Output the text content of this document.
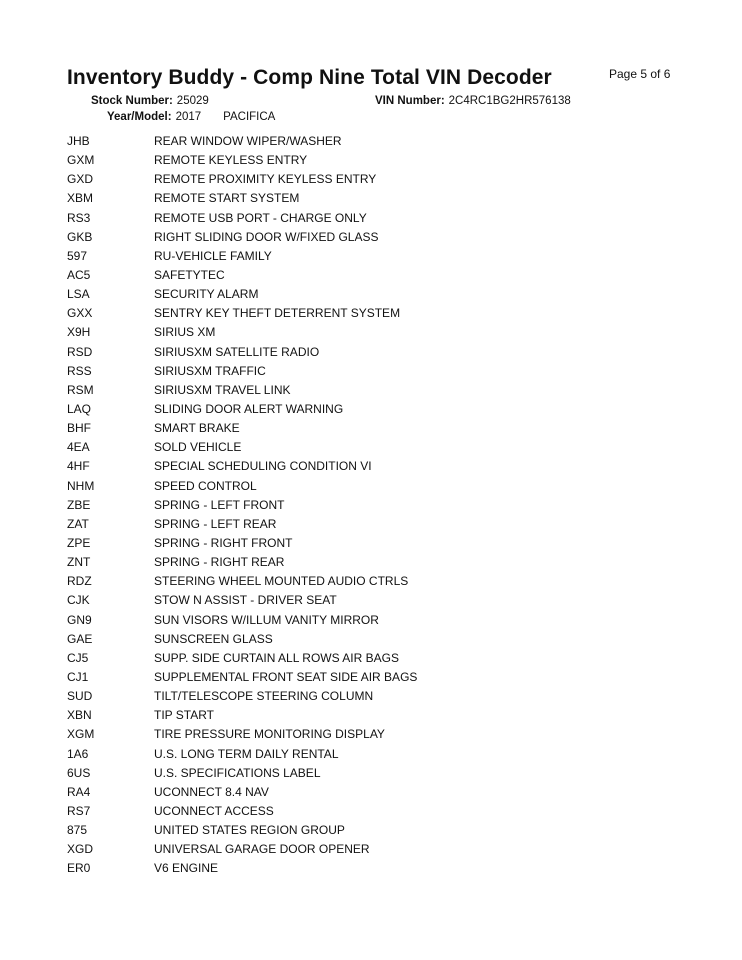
Inventory Buddy - Comp Nine Total VIN Decoder	Page 5 of 6
Stock Number: 25029	VIN Number: 2C4RC1BG2HR576138
Year/Model: 2017 PACIFICA
JHB	REAR WINDOW WIPER/WASHER
GXM	REMOTE KEYLESS ENTRY
GXD	REMOTE PROXIMITY KEYLESS ENTRY
XBM	REMOTE START SYSTEM
RS3	REMOTE USB PORT - CHARGE ONLY
GKB	RIGHT SLIDING DOOR W/FIXED GLASS
597	RU-VEHICLE FAMILY
AC5	SAFETYTEC
LSA	SECURITY ALARM
GXX	SENTRY KEY THEFT DETERRENT SYSTEM
X9H	SIRIUS XM
RSD	SIRIUSXM SATELLITE RADIO
RSS	SIRIUSXM TRAFFIC
RSM	SIRIUSXM TRAVEL LINK
LAQ	SLIDING DOOR ALERT WARNING
BHF	SMART BRAKE
4EA	SOLD VEHICLE
4HF	SPECIAL SCHEDULING CONDITION VI
NHM	SPEED CONTROL
ZBE	SPRING - LEFT FRONT
ZAT	SPRING - LEFT REAR
ZPE	SPRING - RIGHT FRONT
ZNT	SPRING - RIGHT REAR
RDZ	STEERING WHEEL MOUNTED AUDIO CTRLS
CJK	STOW N ASSIST - DRIVER SEAT
GN9	SUN VISORS W/ILLUM VANITY MIRROR
GAE	SUNSCREEN GLASS
CJ5	SUPP. SIDE CURTAIN ALL ROWS AIR BAGS
CJ1	SUPPLEMENTAL FRONT SEAT SIDE AIR BAGS
SUD	TILT/TELESCOPE STEERING COLUMN
XBN	TIP START
XGM	TIRE PRESSURE MONITORING DISPLAY
1A6	U.S. LONG TERM DAILY RENTAL
6US	U.S. SPECIFICATIONS LABEL
RA4	UCONNECT 8.4 NAV
RS7	UCONNECT ACCESS
875	UNITED STATES REGION GROUP
XGD	UNIVERSAL GARAGE DOOR OPENER
ER0	V6 ENGINE
